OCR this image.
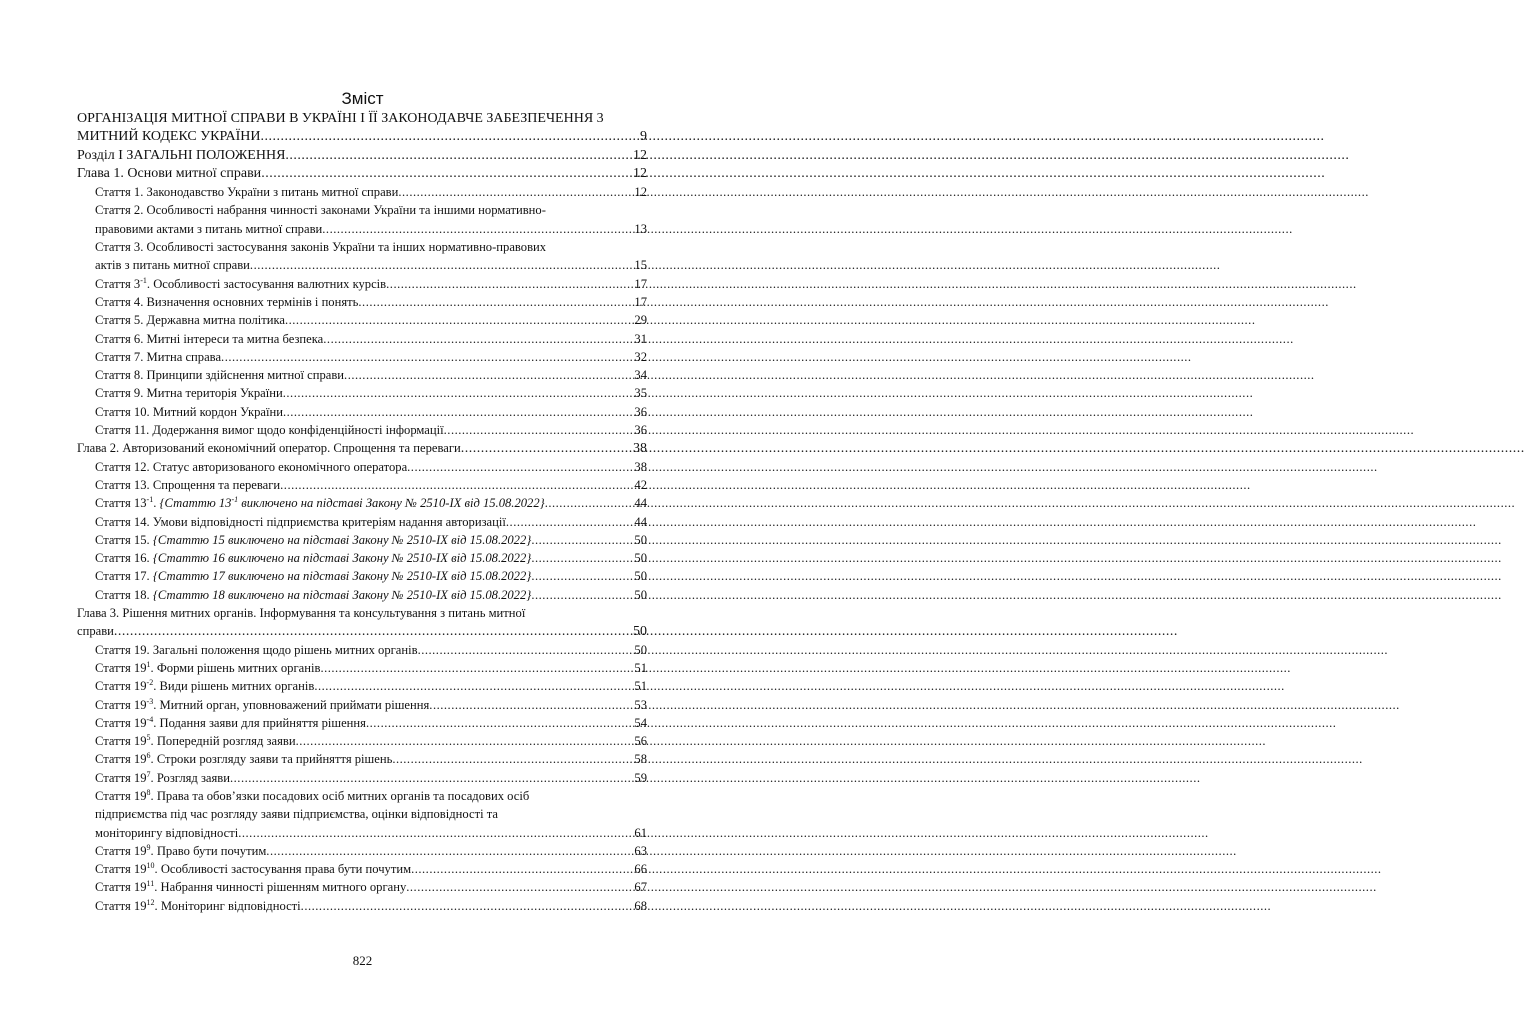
Зміст
ОРГАНІЗАЦІЯ МИТНОЇ СПРАВИ В УКРАЇНІ І ЇЇ ЗАКОНОДАВЧЕ ЗАБЕЗПЕЧЕННЯ 3
МИТНИЙ КОДЕКС УКРАЇНИ .....	9
Розділ I ЗАГАЛЬНІ ПОЛОЖЕННЯ .....	12
Глава 1. Основи митної справи .....	12
Стаття 1. Законодавство України з питань митної справи .....	12
Стаття 2. Особливості набрання чинності законами України та іншими нормативно-
правовими актами з питань митної справи .....	13
Стаття 3. Особливості застосування законів України та інших нормативно-правових
актів з питань митної справи .....	15
Стаття $3^{-1}$. Особливості застосування валютних курсів .....	17
Стаття 4. Визначення основних термінів і понять .....	17
Стаття 5. Державна митна політика .....	29
Стаття 6. Митні інтереси та митна безпека .....	31
Стаття 7. Митна справа .....	32
Стаття 8. Принципи здійснення митної справи .....	34
Стаття 9. Митна територія України .....	35
Стаття 10. Митний кордон України .....	36
Стаття 11. Додержання вимог щодо конфіденційності інформації .....	36
Глава 2. Авторизований економічний оператор. Спрощення та переваги .....	38
Стаття 12. Статус авторизованого економічного оператора .....	38
Стаття 13. Спрощення та переваги .....	42
Стаття $13^{-1}$. {Статтю $13^{-1}$ виключено на підставі Закону № 2510-IX від 15.08.2022} .....	44
Стаття 14. Умови відповідності підприємства критеріям надання авторизації .....	44
Стаття 15. {Статтю 15 виключено на підставі Закону № 2510-IX від 15.08.2022} .....	50
Стаття 16. {Статтю 16 виключено на підставі Закону № 2510-IX від 15.08.2022} .....	50
Стаття 17. {Статтю 17 виключено на підставі Закону № 2510-IX від 15.08.2022} .....	50
Стаття 18. {Статтю 18 виключено на підставі Закону № 2510-IX від 15.08.2022} .....	50
Глава 3. Рішення митних органів. Інформування та консультування з питань митної
справи .....	50
Стаття 19. Загальні положення щодо рішень митних органів .....	50
Стаття $19^1$. Форми рішень митних органів .....	51
Стаття $19^{-2}$. Види рішень митних органів .....	51
Стаття $19^{-3}$. Митний орган, уповноважений приймати рішення .....	53
Стаття $19^{-4}$. Подання заяви для прийняття рішення .....	54
Стаття $19^5$. Попередній розгляд заяви .....	56
Стаття $19^6$. Строки розгляду заяви та прийняття рішень .....	58
Стаття $19^7$. Розгляд заяви .....	59
Стаття $19^8$. Права та обов’язки посадових осіб митних органів та посадових осіб
підприємства під час розгляду заяви підприємства, оцінки відповідності та
моніторингу відповідності .....	61
Стаття $19^9$. Право бути почутим .....	63
Стаття $19^{10}$. Особливості застосування права бути почутим .....	66
Стаття $19^{11}$. Набрання чинності рішенням митного органу .....	67
Стаття $19^{12}$. Моніторинг відповідності .....	68
822
